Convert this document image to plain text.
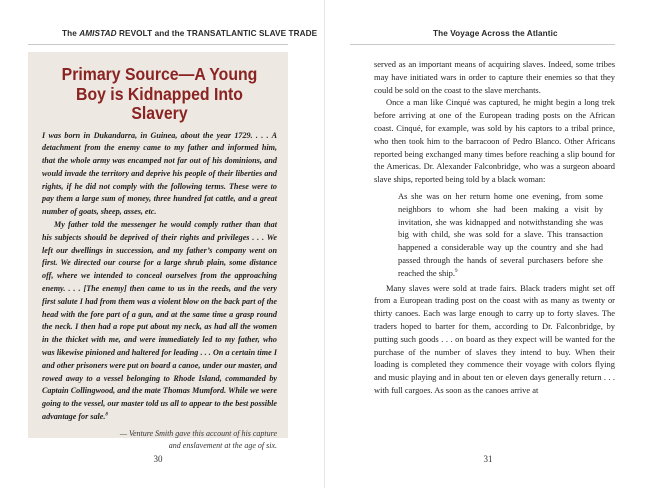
The AMISTAD REVOLT and the TRANSATLANTIC SLAVE TRADE
Primary Source—A Young Boy is Kidnapped Into Slavery

I was born in Dukandarra, in Guinea, about the year 1729. . . . A detachment from the enemy came to my father and informed him, that the whole army was encamped not far out of his dominions, and would invade the territory and deprive his people of their liberties and rights, if he did not comply with the following terms. These were to pay them a large sum of money, three hundred fat cattle, and a great number of goats, sheep, asses, etc.

My father told the messenger he would comply rather than that his subjects should be deprived of their rights and privileges . . . We left our dwellings in succession, and my father’s company went on first. We directed our course for a large shrub plain, some distance off, where we intended to conceal ourselves from the approaching enemy. . . . [The enemy] then came to us in the reeds, and the very first salute I had from them was a violent blow on the back part of the head with the fore part of a gun, and at the same time a grasp round the neck. I then had a rope put about my neck, as had all the women in the thicket with me, and were immediately led to my father, who was likewise pinioned and haltered for leading . . . On a certain time I and other prisoners were put on board a canoe, under our master, and rowed away to a vessel belonging to Rhode Island, commanded by Captain Collingwood, and the mate Thomas Mumford. While we were going to the vessel, our master told us all to appear to the best possible advantage for sale.$^8$

— Venture Smith gave this account of his capture
and enslavement at the age of six.

30
The Voyage Across the Atlantic

served as an important means of acquiring slaves. Indeed, some tribes may have initiated wars in order to capture their enemies so that they could be sold on the coast to the slave merchants.

Once a man like Cinqué was captured, he might begin a long trek before arriving at one of the European trading posts on the African coast. Cinqué, for example, was sold by his captors to a tribal prince, who then took him to the barracoon of Pedro Blanco. Other Africans reported being exchanged many times before reaching a slip bound for the Americas. Dr. Alexander Falconbridge, who was a surgeon aboard slave ships, reported being told by a black woman:

As she was on her return home one evening, from some neighbors to whom she had been making a visit by invitation, she was kidnapped and notwithstanding she was big with child, she was sold for a slave. This transaction happened a considerable way up the country and she had passed through the hands of several purchasers before she reached the ship.$^9$

Many slaves were sold at trade fairs. Black traders might set off from a European trading post on the coast with as many as twenty or thirty canoes. Each was large enough to carry up to forty slaves. The traders hoped to barter for them, according to Dr. Falconbridge, by putting such goods . . . on board as they expect will be wanted for the purchase of the number of slaves they intend to buy. When their loading is completed they commence their voyage with colors flying and music playing and in about ten or eleven days generally return . . . with full cargoes. As soon as the canoes arrive at

31
